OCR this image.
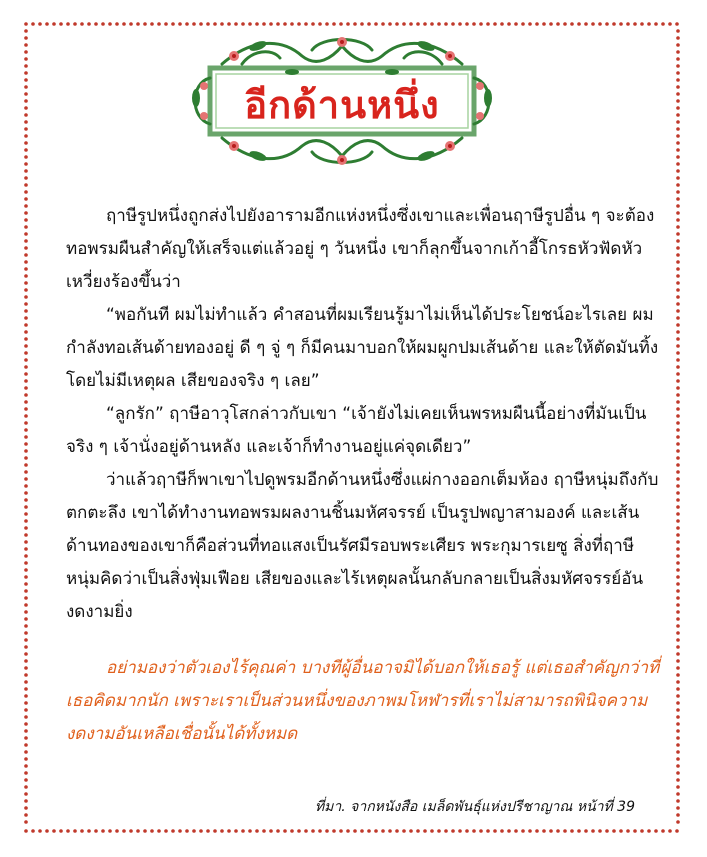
อีกด้านหนึ่ง

ฤาษีรูปหนึ่งถูกส่งไปยังอารามอีกแห่งหนึ่งซึ่งเขาและเพื่อนฤาษีรูปอื่น ๆ จะต้องทอพรมผืนสำคัญให้เสร็จแต่แล้วอยู่ ๆ วันหนึ่ง เขาก็ลุกขึ้นจากเก้าอี้โกรธหัวฟัดหัวเหวี่ยงร้องขึ้นว่า

“พอกันที ผมไม่ทำแล้ว คำสอนที่ผมเรียนรู้มาไม่เห็นได้ประโยชน์อะไรเลย ผมกำลังทอเส้นด้ายทองอยู่ ดี ๆ จู่ ๆ ก็มีคนมาบอกให้ผมผูกปมเส้นด้าย และให้ตัดมันทิ้งโดยไม่มีเหตุผล เสียของจริง ๆ เลย”

“ลูกรัก” ฤาษีอาวุโสกล่าวกับเขา “เจ้ายังไม่เคยเห็นพรหมผืนนี้อย่างที่มันเป็นจริง ๆ เจ้านั่งอยู่ด้านหลัง และเจ้าก็ทำงานอยู่แค่จุดเดียว”

ว่าแล้วฤาษีก็พาเขาไปดูพรมอีกด้านหนึ่งซึ่งแผ่กางออกเต็มห้อง ฤาษีหนุ่มถึงกับตกตะลึง เขาได้ทำงานทอพรมผลงานชิ้นมหัศจรรย์ เป็นรูปพญาสามองค์ และเส้นด้านทองของเขาก็คือส่วนที่ทอแสงเป็นรัศมีรอบพระเศียร พระกุมารเยซู สิ่งที่ฤาษีหนุ่มคิดว่าเป็นสิ่งฟุ่มเฟือย เสียของและไร้เหตุผลนั้นกลับกลายเป็นสิ่งมหัศจรรย์อันงดงามยิ่ง

อย่ามองว่าตัวเองไร้คุณค่า บางทีผู้อื่นอาจมิได้บอกให้เธอรู้ แต่เธอสำคัญกว่าที่เธอคิดมากนัก เพราะเราเป็นส่วนหนึ่งของภาพมโหฬารที่เราไม่สามารถพินิจความงดงามอันเหลือเชื่อนั้นได้ทั้งหมด

ที่มา. จากหนังสือ เมล็ดพันธุ์แห่งปรีชาญาณ หน้าที่ 39
